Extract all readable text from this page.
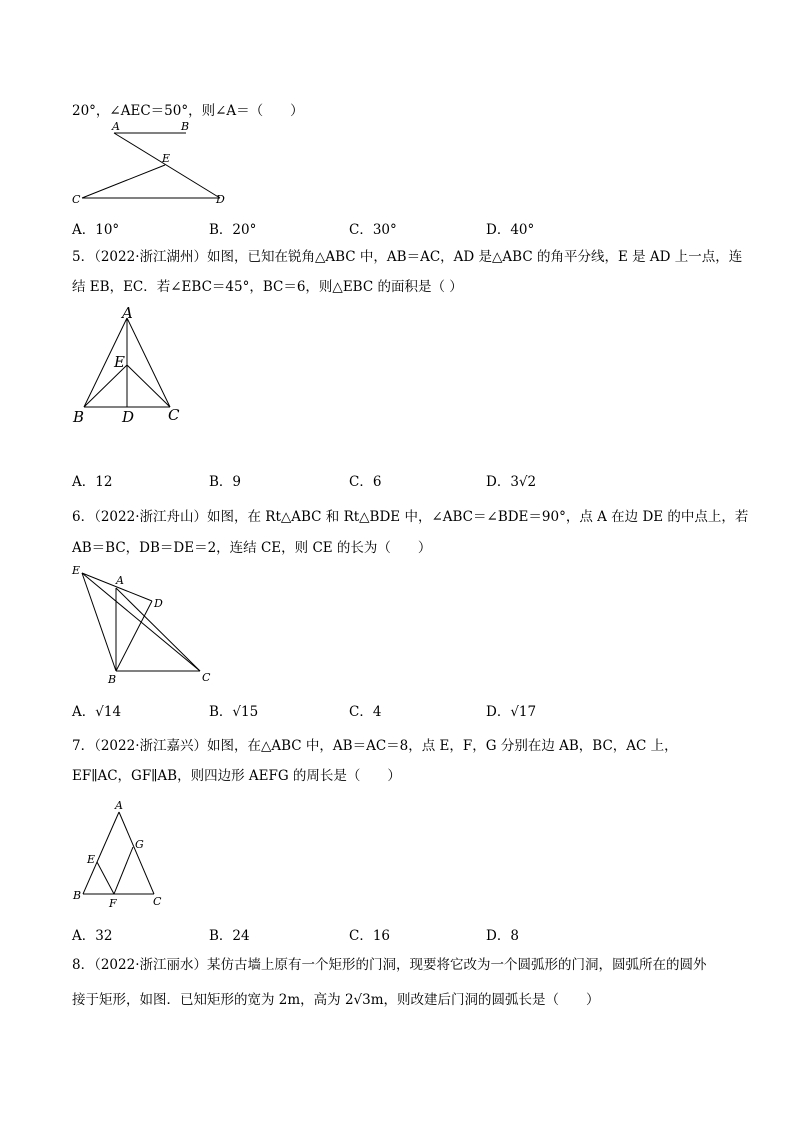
20°，∠AEC＝50°，则∠A＝（　　）
A	B
E
C	D
A．10°	B．20°	C．30°	D．40°
5．（2022·浙江湖州）如图，已知在锐角△ABC 中，AB＝AC，AD 是△ABC 的角平分线，E 是 AD 上一点，连
结 EB，EC．若∠EBC＝45°，BC＝6，则△EBC 的面积是（ ）
A
E
B	D C
A．12	B．9	C．6	D．3√2
6．（2022·浙江舟山）如图，在 Rt△ABC 和 Rt△BDE 中，∠ABC＝∠BDE＝90°，点 A 在边 DE 的中点上，若
AB＝BC，DB＝DE＝2，连结 CE，则 CE 的长为（　　）
E
A
D
B	C
A．√14	B．√15	C．4	D．√17
7．（2022·浙江嘉兴）如图，在△ABC 中，AB＝AC＝8，点 E，F，G 分别在边 AB，BC，AC 上，
EF∥AC，GF∥AB，则四边形 AEFG 的周长是（　　）
A
G
E
B
F	C
A．32	B．24	C．16	D．8
8．（2022·浙江丽水）某仿古墙上原有一个矩形的门洞，现要将它改为一个圆弧形的门洞，圆弧所在的圆外
接于矩形，如图．已知矩形的宽为 2m，高为 2√3m，则改建后门洞的圆弧长是（　　）
